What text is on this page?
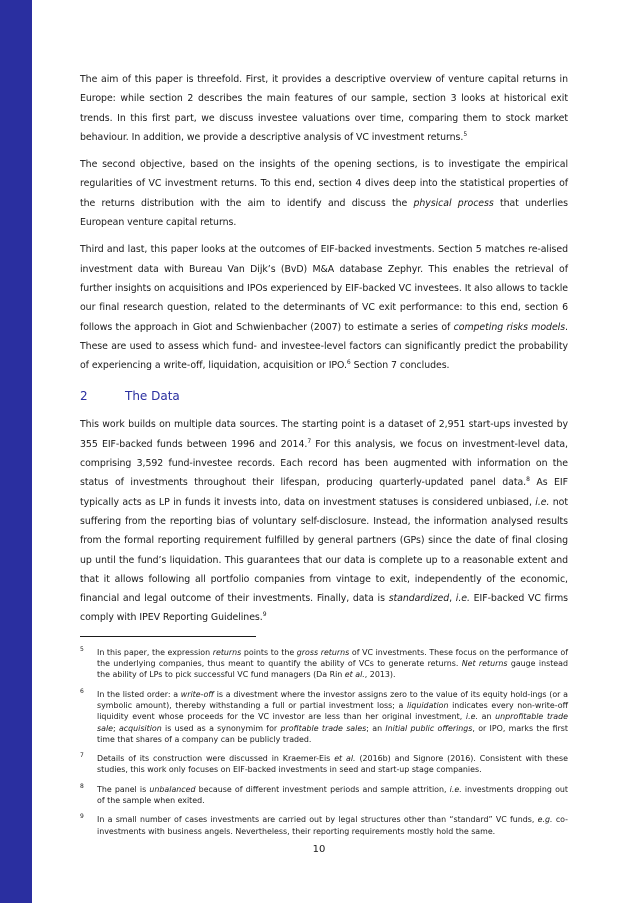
The aim of this paper is threefold. First, it provides a descriptive overview of venture capital returns in Europe: while section 2 describes the main features of our sample, section 3 looks at historical exit trends. In this first part, we discuss investee valuations over time, comparing them to stock market behaviour. In addition, we provide a descriptive analysis of VC investment returns.$^5$

The second objective, based on the insights of the opening sections, is to investigate the empirical regularities of VC investment returns. To this end, section 4 dives deep into the statistical properties of the returns distribution with the aim to identify and discuss the physical process that underlies European venture capital returns.

Third and last, this paper looks at the outcomes of EIF-backed investments. Section 5 matches re-alised investment data with Bureau Van Dijk’s (BvD) M&A database Zephyr. This enables the retrieval of further insights on acquisitions and IPOs experienced by EIF-backed VC investees. It also allows to tackle our final research question, related to the determinants of VC exit performance: to this end, section 6 follows the approach in Giot and Schwienbacher (2007) to estimate a series of competing risks models. These are used to assess which fund- and investee-level factors can significantly predict the probability of experiencing a write-off, liquidation, acquisition or IPO.$^6$ Section 7 concludes.

2	The Data

This work builds on multiple data sources. The starting point is a dataset of 2,951 start-ups invested by 355 EIF-backed funds between 1996 and 2014.$^7$ For this analysis, we focus on investment-level data, comprising 3,592 fund-investee records. Each record has been augmented with information on the status of investments throughout their lifespan, producing quarterly-updated panel data.$^8$ As EIF typically acts as LP in funds it invests into, data on investment statuses is considered unbiased, i.e. not suffering from the reporting bias of voluntary self-disclosure. Instead, the information analysed results from the formal reporting requirement fulfilled by general partners (GPs) since the date of final closing up until the fund’s liquidation. This guarantees that our data is complete up to a reasonable extent and that it allows following all portfolio companies from vintage to exit, independently of the economic, financial and legal outcome of their investments. Finally, data is standardized, i.e. EIF-backed VC firms comply with IPEV Reporting Guidelines.$^9$

5	In this paper, the expression returns points to the gross returns of VC investments. These focus on the performance of the underlying companies, thus meant to quantify the ability of VCs to generate returns. Net returns gauge instead the ability of LPs to pick successful VC fund managers (Da Rin et al., 2013).
6	In the listed order: a write-off is a divestment where the investor assigns zero to the value of its equity hold-ings (or a symbolic amount), thereby withstanding a full or partial investment loss; a liquidation indicates every non-write-off liquidity event whose proceeds for the VC investor are less than her original investment, i.e. an unprofitable trade sale; acquisition is used as a synonymim for profitable trade sales; an Initial public offerings, or IPO, marks the first time that shares of a company can be publicly traded.
7	Details of its construction were discussed in Kraemer-Eis et al. (2016b) and Signore (2016). Consistent with these studies, this work only focuses on EIF-backed investments in seed and start-up stage companies.
8	The panel is unbalanced because of different investment periods and sample attrition, i.e. investments dropping out of the sample when exited.
9	In a small number of cases investments are carried out by legal structures other than “standard” VC funds, e.g. co-investments with business angels. Nevertheless, their reporting requirements mostly hold the same.
10
